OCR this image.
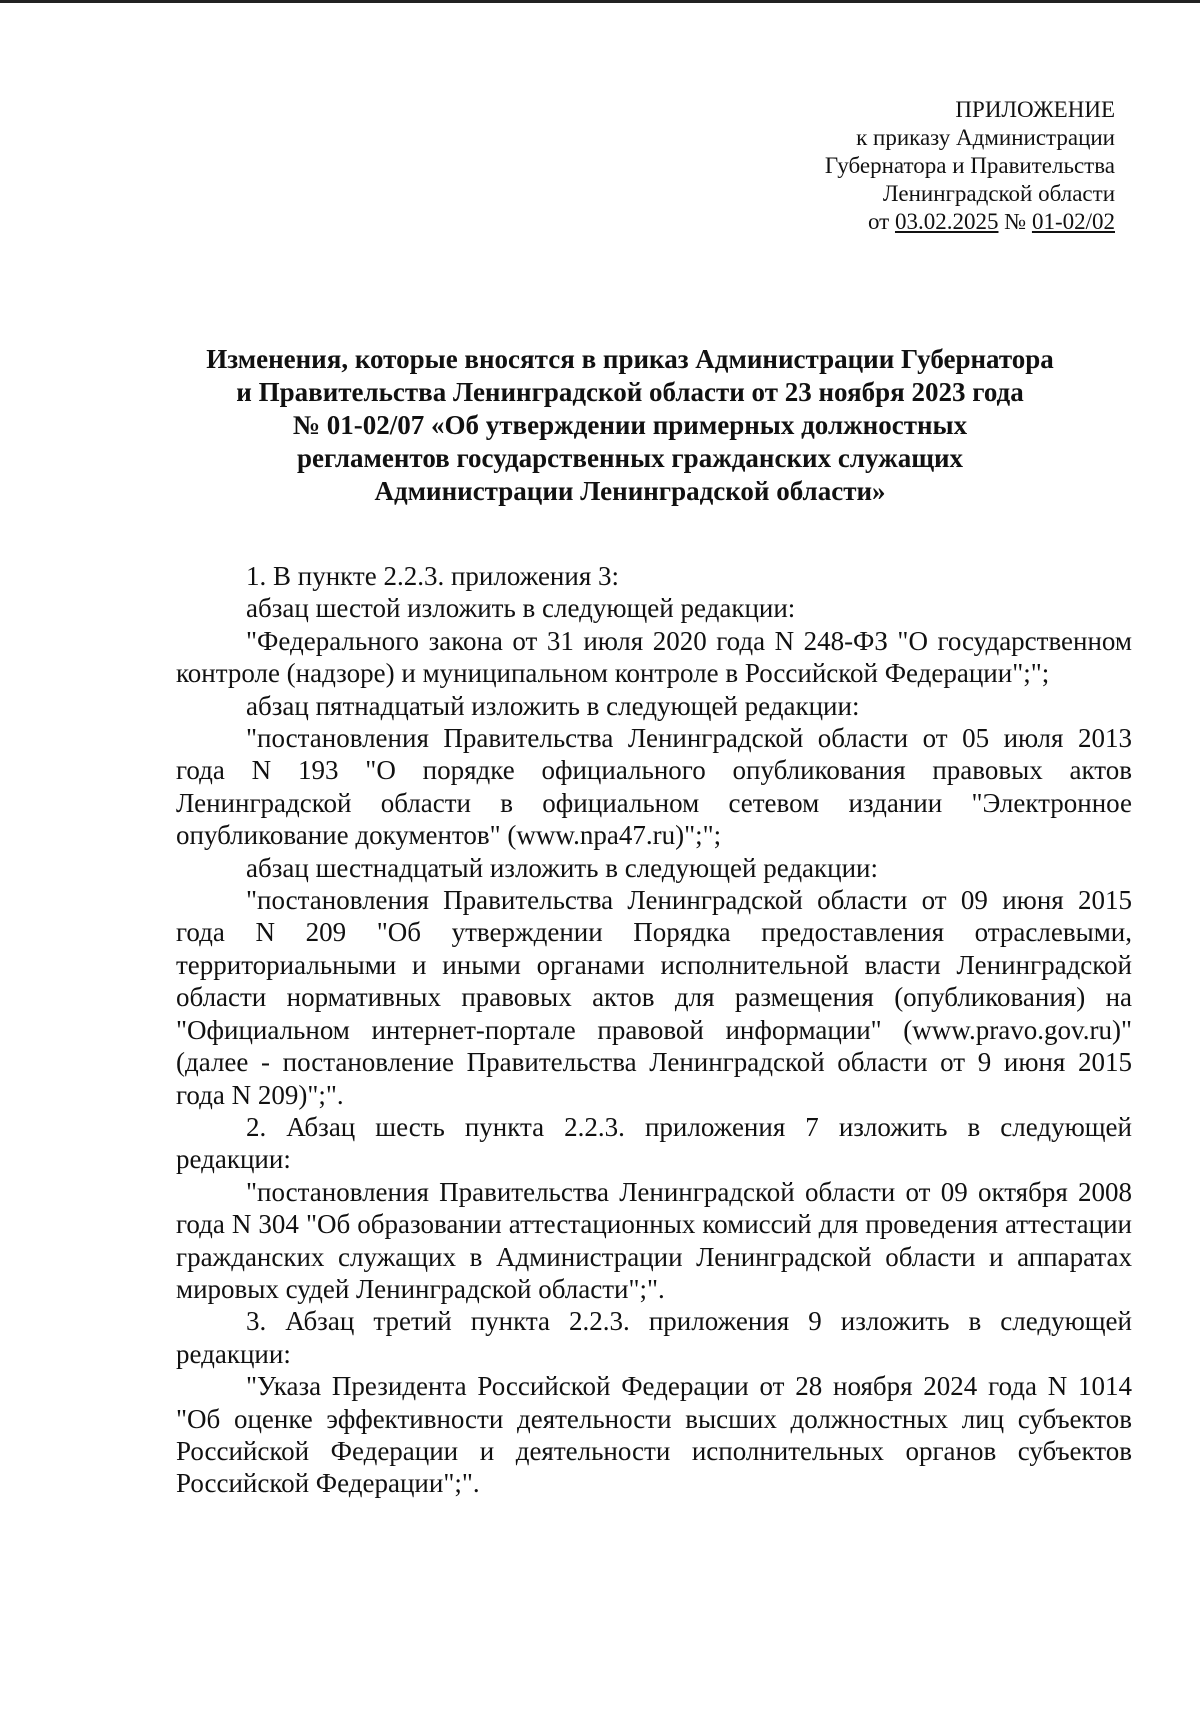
ПРИЛОЖЕНИЕ
к приказу Администрации
Губернатора и Правительства
Ленинградской области
от 03.02.2025 № 01-02/02
Изменения, которые вносятся в приказ Администрации Губернатора
и Правительства Ленинградской области от 23 ноября 2023 года
№ 01-02/07 «Об утверждении примерных должностных
регламентов государственных гражданских служащих
Администрации Ленинградской области»

1. В пункте 2.2.3. приложения 3:

абзац шестой изложить в следующей редакции:

"Федерального закона от 31 июля 2020 года N 248-ФЗ "О государственном контроле (надзоре) и муниципальном контроле в Российской Федерации";";

абзац пятнадцатый изложить в следующей редакции:

"постановления Правительства Ленинградской области от 05 июля 2013 года N 193 "О порядке официального опубликования правовых актов Ленинградской области в официальном сетевом издании "Электронное опубликование документов" (www.npa47.ru)";";

абзац шестнадцатый изложить в следующей редакции:

"постановления Правительства Ленинградской области от 09 июня 2015 года N 209 "Об утверждении Порядка предоставления отраслевыми, территориальными и иными органами исполнительной власти Ленинградской области нормативных правовых актов для размещения (опубликования) на "Официальном интернет-портале правовой информации" (www.pravo.gov.ru)" (далее - постановление Правительства Ленинградской области от 9 июня 2015 года N 209)";".

2. Абзац шесть пункта 2.2.3. приложения 7 изложить в следующей редакции:

"постановления Правительства Ленинградской области от 09 октября 2008 года N 304 "Об образовании аттестационных комиссий для проведения аттестации гражданских служащих в Администрации Ленинградской области и аппаратах мировых судей Ленинградской области";".

3. Абзац третий пункта 2.2.3. приложения 9 изложить в следующей редакции:

"Указа Президента Российской Федерации от 28 ноября 2024 года N 1014 "Об оценке эффективности деятельности высших должностных лиц субъектов Российской Федерации и деятельности исполнительных органов субъектов Российской Федерации";".
